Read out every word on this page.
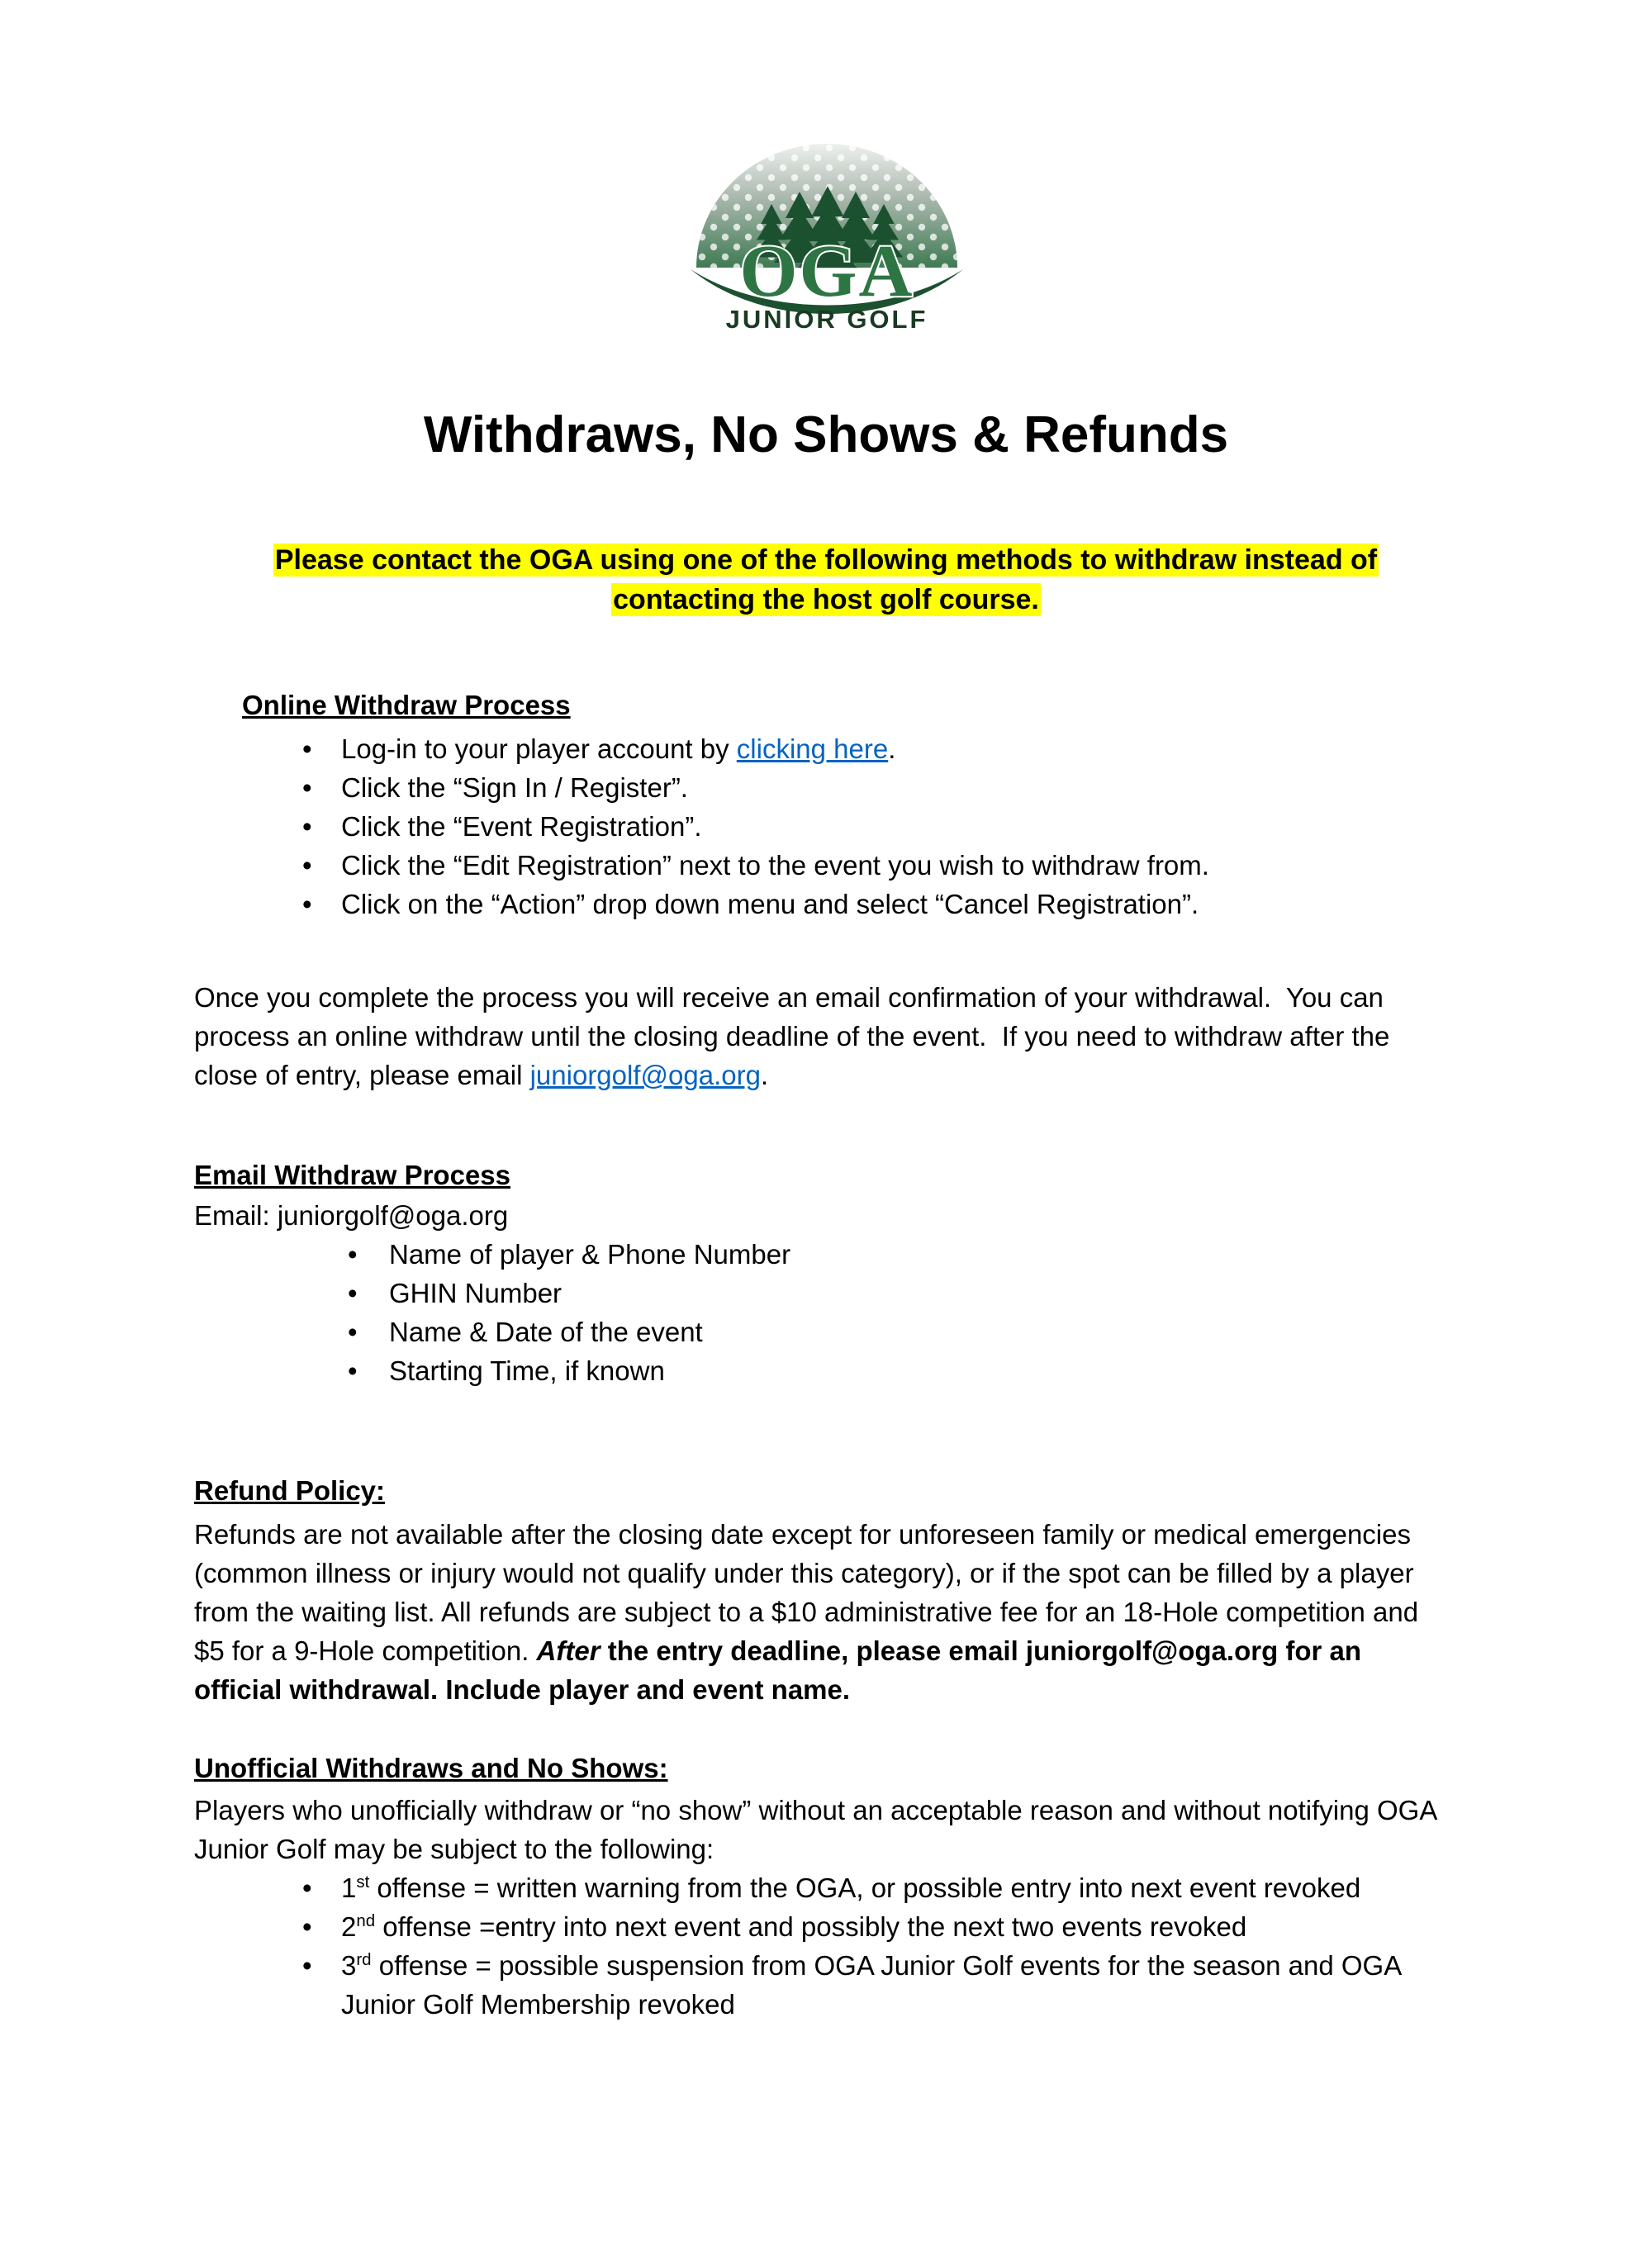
OGA
JUNIOR GOLF
Withdraws, No Shows & Refunds
Please contact the OGA using one of the following methods to withdraw instead of contacting the host golf course.
Online Withdraw Process
• Log-in to your player account by clicking here.
• Click the “Sign In / Register”.
• Click the “Event Registration”.
• Click the “Edit Registration” next to the event you wish to withdraw from.
• Click on the “Action” drop down menu and select “Cancel Registration”.

Once you complete the process you will receive an email confirmation of your withdrawal.  You can process an online withdraw until the closing deadline of the event.  If you need to withdraw after the close of entry, please email juniorgolf@oga.org.

Email Withdraw Process
Email: juniorgolf@oga.org
• Name of player & Phone Number
• GHIN Number
• Name & Date of the event
• Starting Time, if known
Refund Policy:

Refunds are not available after the closing date except for unforeseen family or medical emergencies (common illness or injury would not qualify under this category), or if the spot can be filled by a player from the waiting list. All refunds are subject to a $10 administrative fee for an 18-Hole competition and $5 for a 9-Hole competition. After the entry deadline, please email juniorgolf@oga.org for an official withdrawal. Include player and event name.

Unofficial Withdraws and No Shows:

Players who unofficially withdraw or “no show” without an acceptable reason and without notifying OGA Junior Golf may be subject to the following:

• 1st offense = written warning from the OGA, or possible entry into next event revoked
• 2nd offense =entry into next event and possibly the next two events revoked
• 3rd offense = possible suspension from OGA Junior Golf events for the season and OGA Junior Golf Membership revoked
